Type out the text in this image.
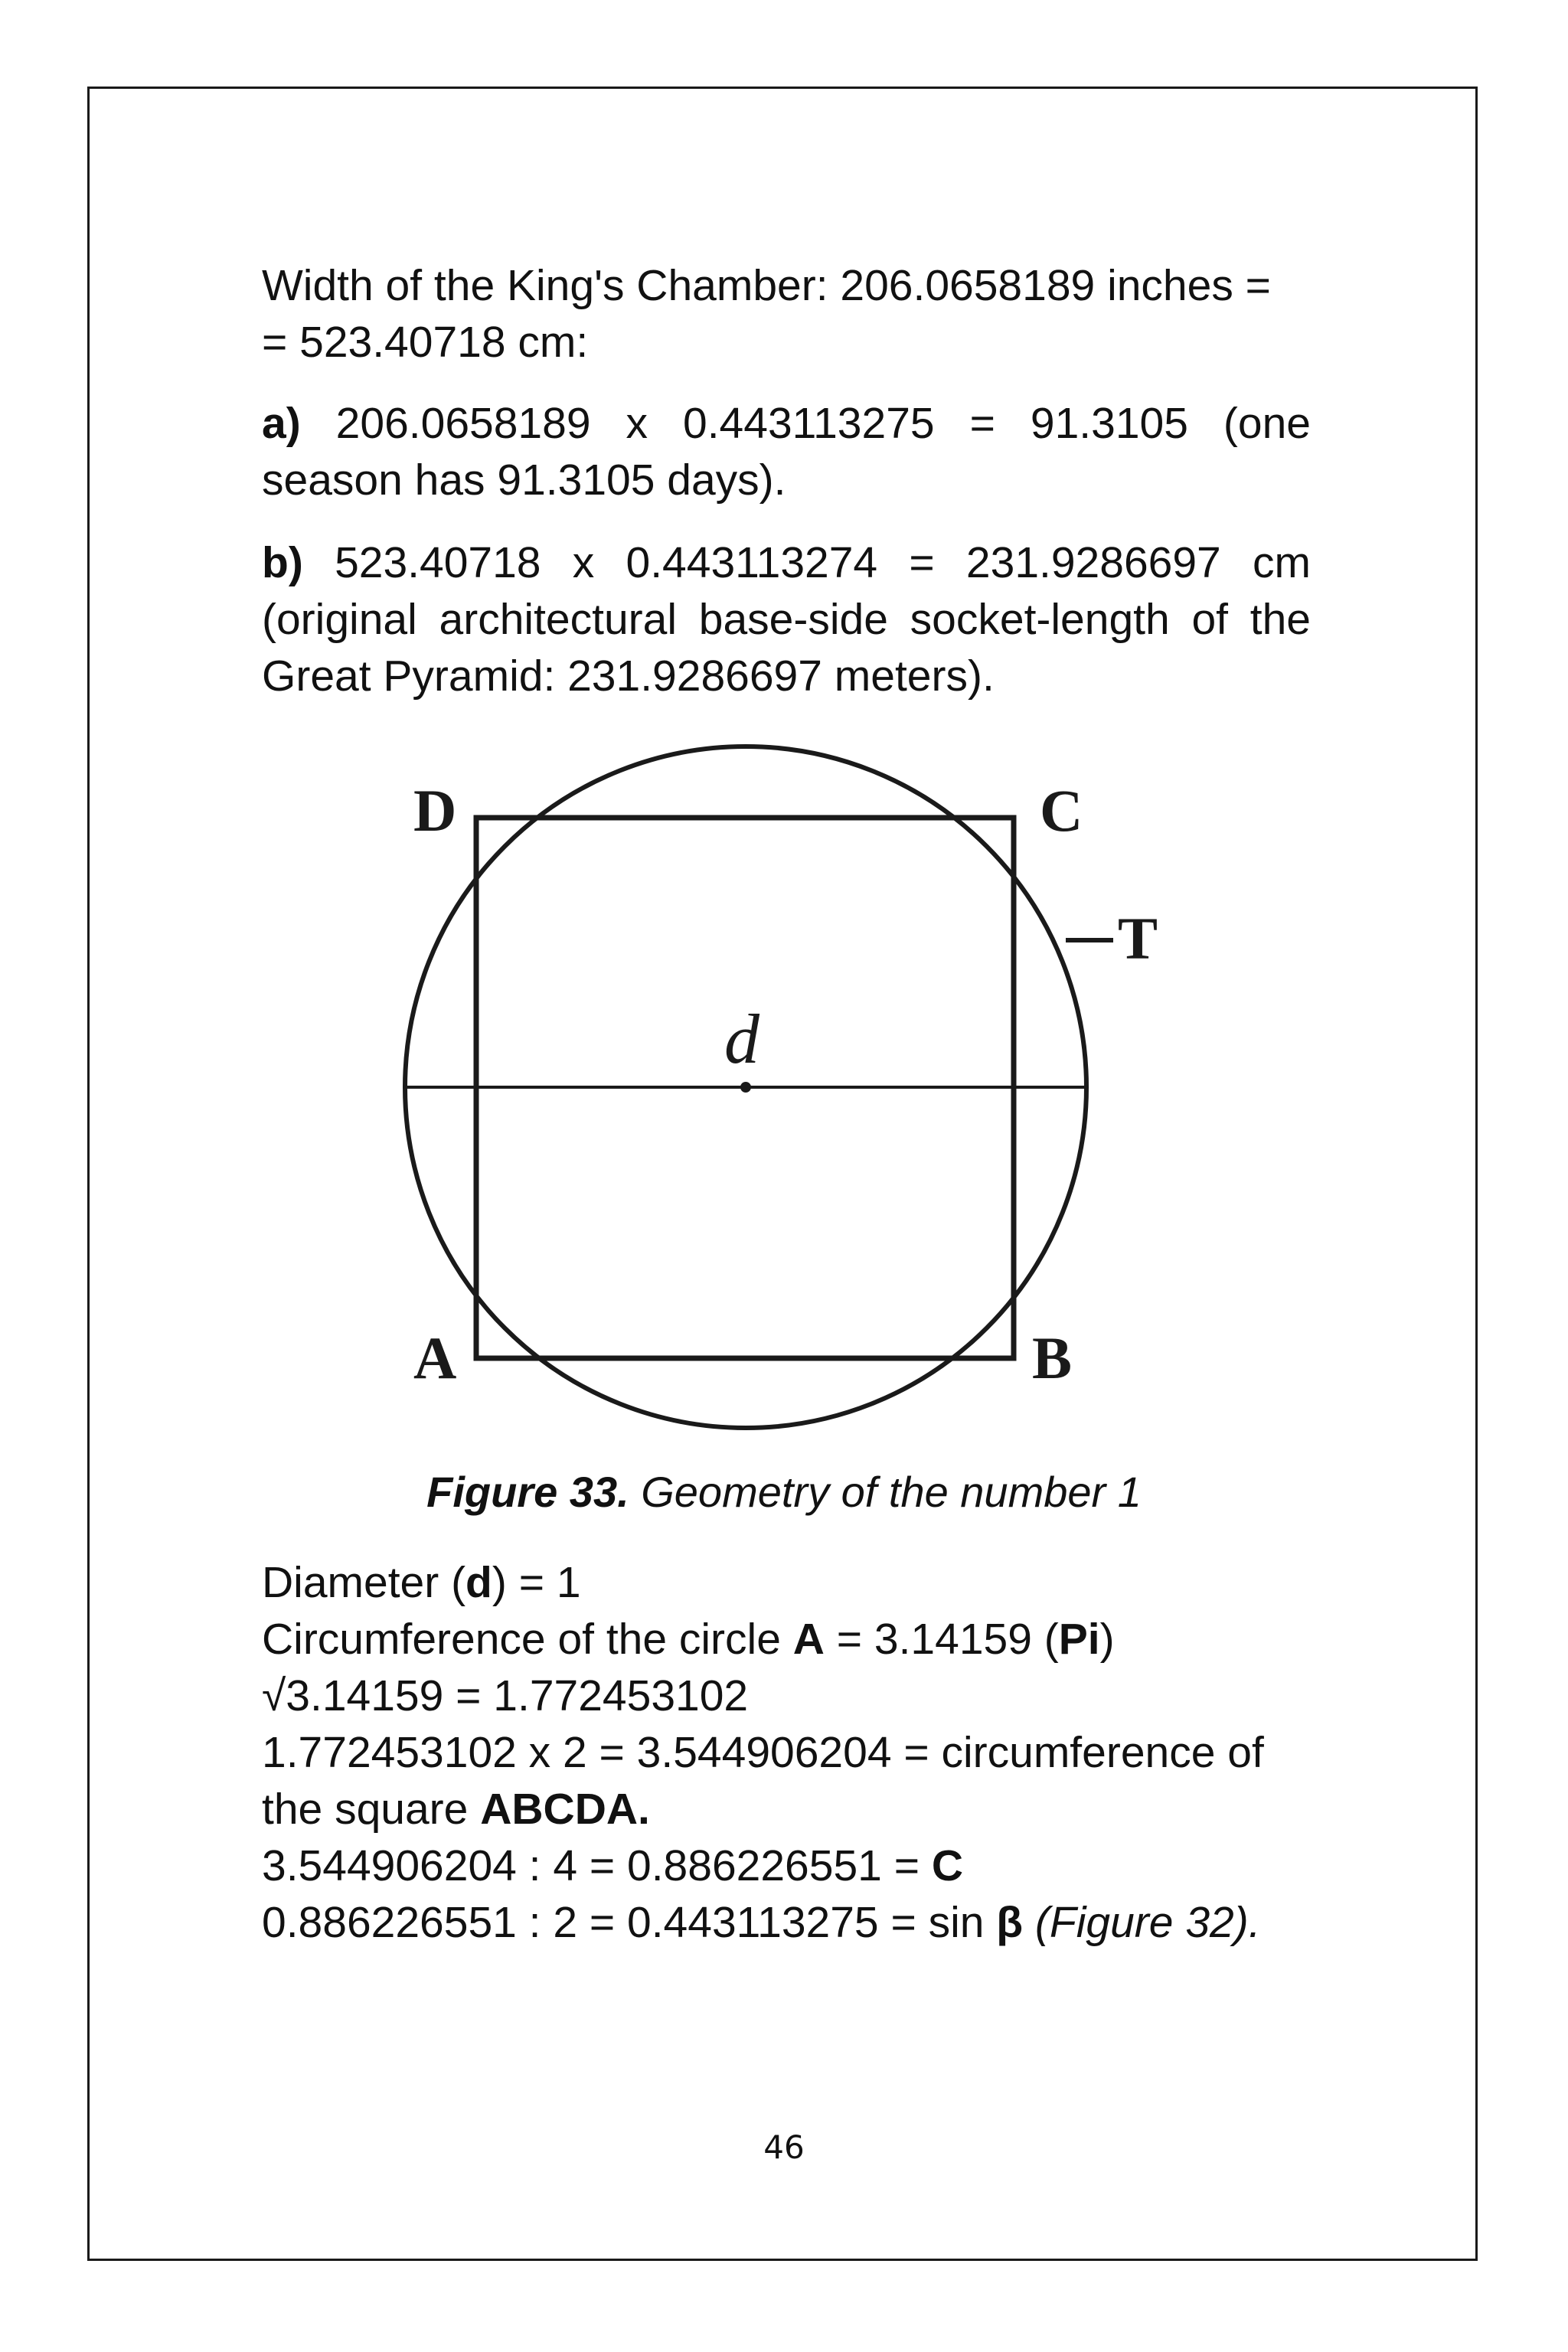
Width of the King's Chamber: 206.0658189 inches =

= 523.40718 cm:

a) 206.0658189 x 0.443113275 = 91.3105 (one season has 91.3105 days).

b) 523.40718 x 0.443113274 = 231.9286697 cm (original architectural base-side socket-length of the Great Pyramid: 231.9286697 meters).

D	C
T
d
A	B
Figure 33. Geometry of the number 1

Diameter (d) = 1

Circumference of the circle A = 3.14159 (Pi)

√3.14159 = 1.772453102

1.772453102 x 2 = 3.544906204 = circumference of

the square ABCDA.

3.544906204 : 4 = 0.886226551 = C

0.886226551 : 2 = 0.443113275 = sin β (Figure 32).

46
